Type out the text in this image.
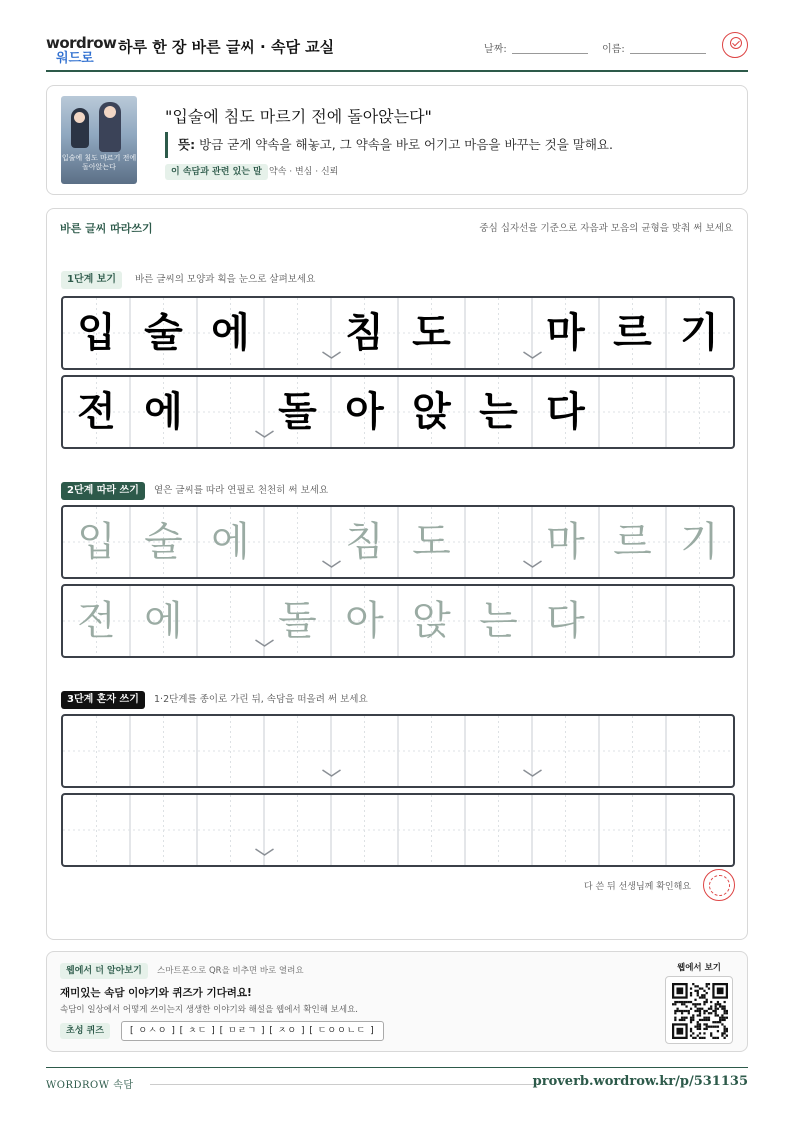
wordrow
워드로
하루 한 장 바른 글씨 · 속담 교실	날짜:	이름:
입술에 침도 마르기 전에 돌아앉는다
"입술에 침도 마르기 전에 돌아앉는다"
뜻: 방금 굳게 약속을 해놓고, 그 약속을 바로 어기고 마음을 바꾸는 것을 말해요.
이 속담과 관련 있는 말 약속 · 변심 · 신뢰
바른 글씨 따라쓰기	중심 십자선을 기준으로 자음과 모음의 균형을 맞춰 써 보세요
1단계 보기	바른 글씨의 모양과 획을 눈으로 살펴보세요
입 술 에	침 도	마 르 기
전 에	돌 아 앉 는 다
2단계 따라 쓰기	옅은 글씨를 따라 연필로 천천히 써 보세요
입 술 에	침 도	마 르 기
전 에	돌 아 앉 는 다
3단계 혼자 쓰기	1·2단계를 종이로 가린 뒤, 속담을 떠올려 써 보세요
다 쓴 뒤 선생님께 확인해요
웹에서 더 알아보기	스마트폰으로 QR을 비추면 바로 열려요
재미있는 속담 이야기와 퀴즈가 기다려요!
속담이 일상에서 어떻게 쓰이는지 생생한 이야기와 해설을 웹에서 확인해 보세요.
초성 퀴즈	[ ㅇㅅㅇ ] [ ㅊㄷ ] [ ㅁㄹㄱ ] [ ㅈㅇ ] [ ㄷㅇㅇㄴㄷ ]
웹에서 보기
WORDROW 속담	proverb.wordrow.kr/p/531135
